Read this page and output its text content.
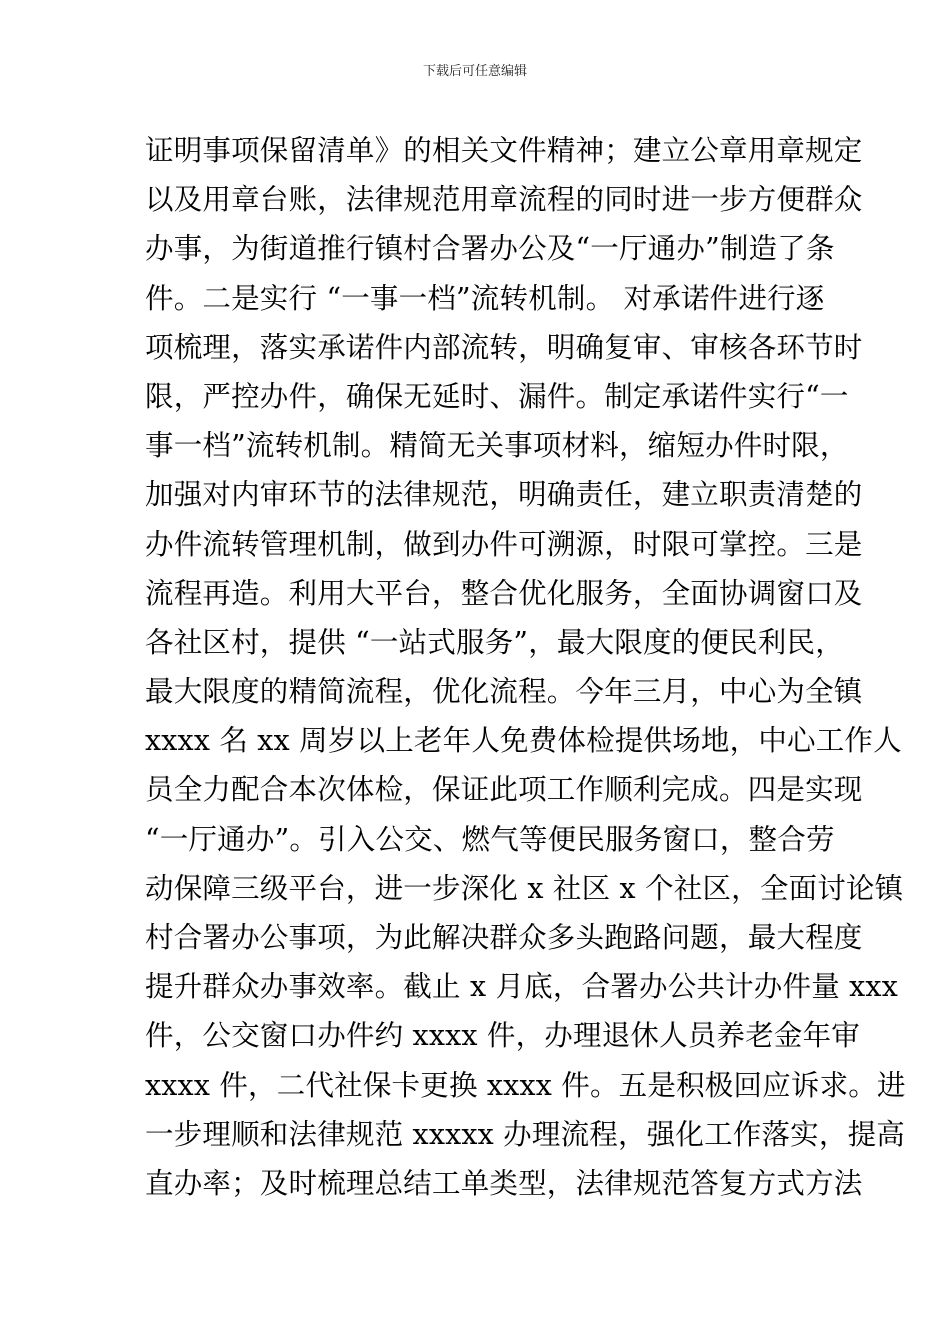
下载后可任意编辑
证明事项保留清单》的相关文件精神；建立公章用章规定
以及用章台账，法律规范用章流程的同时进一步方便群众
办事，为街道推行镇村合署办公及“一厅通办”制造了条
件。二是实行 “一事一档”流转机制。 对承诺件进行逐
项梳理，落实承诺件内部流转，明确复审、审核各环节时
限，严控办件，确保无延时、漏件。制定承诺件实行“一
事一档”流转机制。精简无关事项材料，缩短办件时限，
加强对内审环节的法律规范，明确责任，建立职责清楚的
办件流转管理机制，做到办件可溯源，时限可掌控。三是
流程再造。利用大平台，整合优化服务，全面协调窗口及
各社区村，提供 “一站式服务”，最大限度的便民利民，
最大限度的精简流程，优化流程。今年三月，中心为全镇
xxxx 名 xx 周岁以上老年人免费体检提供场地，中心工作人
员全力配合本次体检，保证此项工作顺利完成。四是实现
“一厅通办”。引入公交、燃气等便民服务窗口，整合劳
动保障三级平台，进一步深化 x 社区 x 个社区，全面讨论镇
村合署办公事项，为此解决群众多头跑路问题，最大程度
提升群众办事效率。截止 x 月底，合署办公共计办件量 xxx
件，公交窗口办件约 xxxx 件，办理退休人员养老金年审
xxxx 件，二代社保卡更换 xxxx 件。五是积极回应诉求。进
一步理顺和法律规范 xxxxx 办理流程，强化工作落实，提高
直办率；及时梳理总结工单类型，法律规范答复方式方法
